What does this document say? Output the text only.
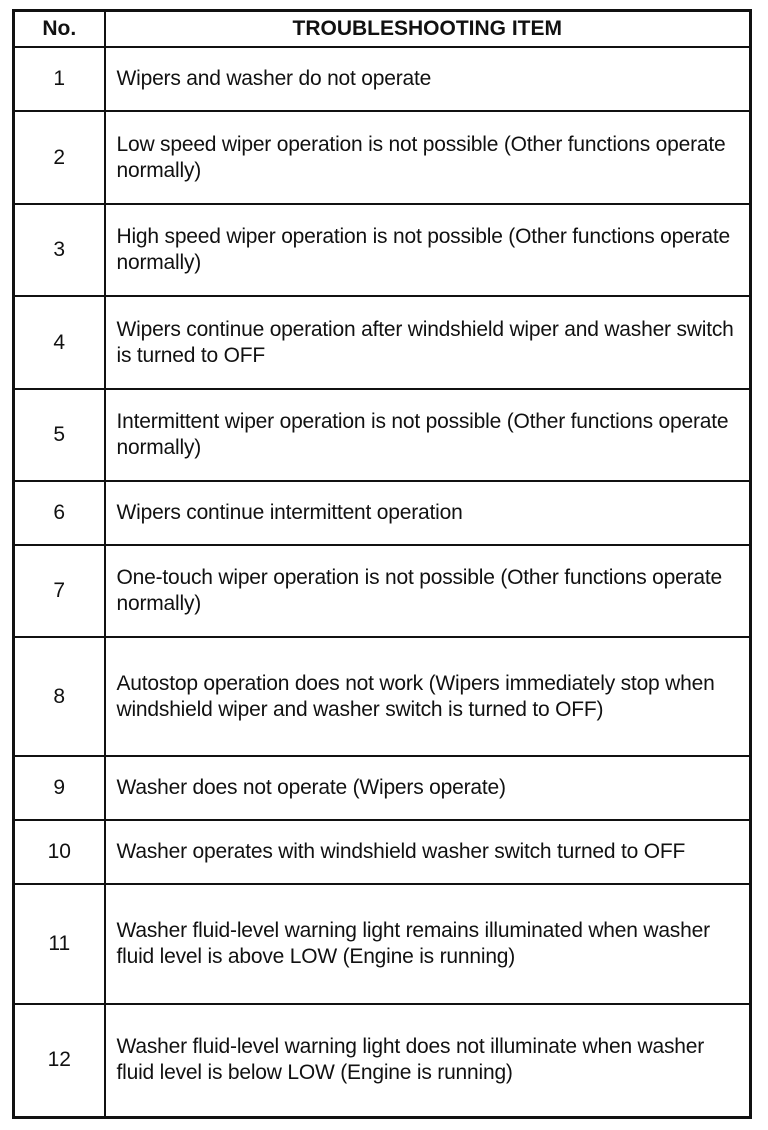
No.	TROUBLESHOOTING ITEM
1	Wipers and washer do not operate
2	Low speed wiper operation is not possible (Other functions operate normally)
3	High speed wiper operation is not possible (Other functions operate normally)
4	Wipers continue operation after windshield wiper and washer switch is turned to OFF
5	Intermittent wiper operation is not possible (Other functions operate normally)
6	Wipers continue intermittent operation
7	One-touch wiper operation is not possible (Other functions operate normally)
8	Autostop operation does not work (Wipers immediately stop when windshield wiper and washer switch is turned to OFF)
9	Washer does not operate (Wipers operate)
10	Washer operates with windshield washer switch turned to OFF
11	Washer fluid-level warning light remains illuminated when washer fluid level is above LOW (Engine is running)
12	Washer fluid-level warning light does not illuminate when washer fluid level is below LOW (Engine is running)
